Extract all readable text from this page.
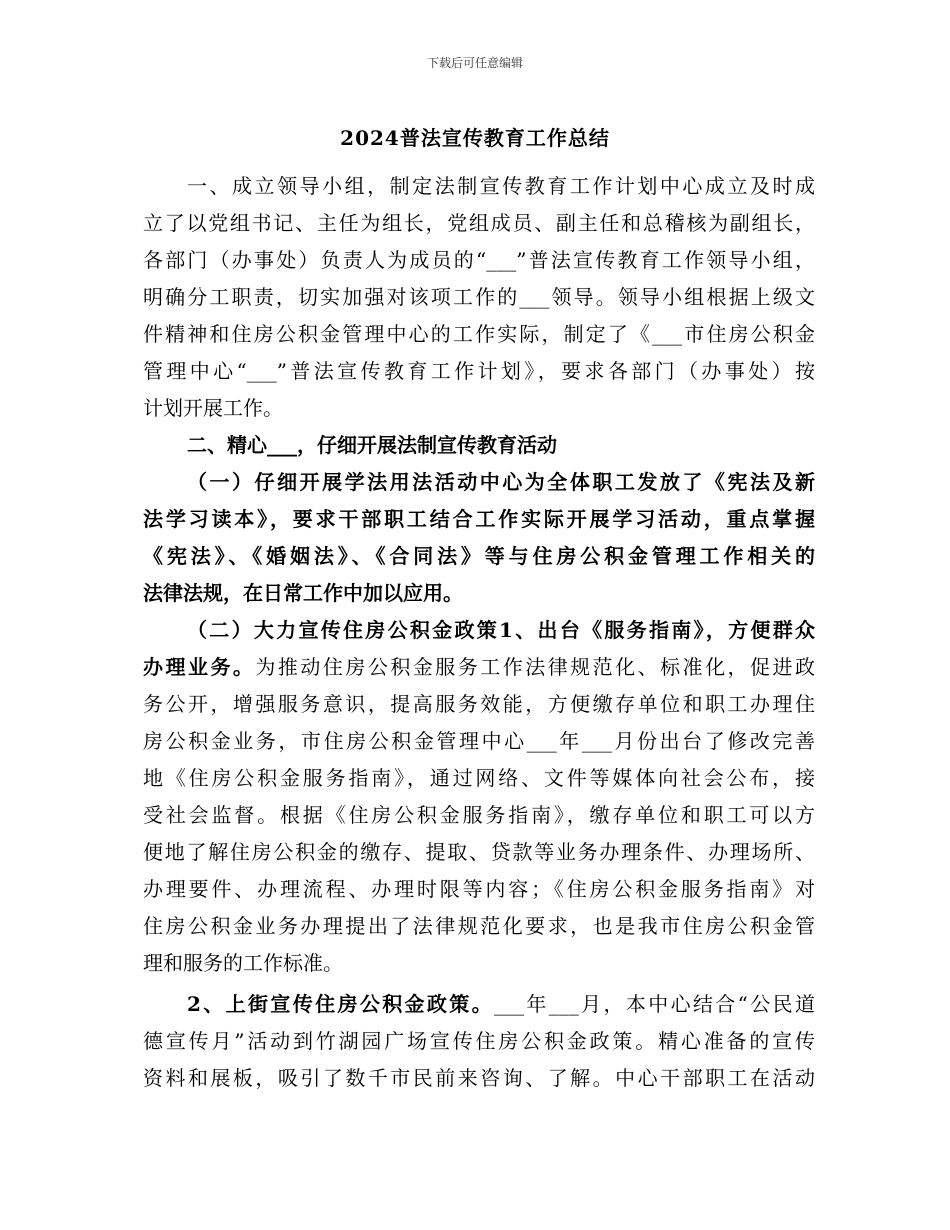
下载后可任意编辑
2024普法宣传教育工作总结
一、成立领导小组，制定法制宣传教育工作计划中心成立及时成
立了以党组书记、主任为组长，党组成员、副主任和总稽核为副组长，
各部门（办事处）负责人为成员的“___”普法宣传教育工作领导小组，
明确分工职责，切实加强对该项工作的___领导。领导小组根据上级文
件精神和住房公积金管理中心的工作实际，制定了《___市住房公积金
管理中心“___”普法宣传教育工作计划》，要求各部门（办事处）按
计划开展工作。
二、精心___，仔细开展法制宣传教育活动
（一）仔细开展学法用法活动中心为全体职工发放了《宪法及新
法学习读本》，要求干部职工结合工作实际开展学习活动，重点掌握
《宪法》、《婚姻法》、《合同法》等与住房公积金管理工作相关的
法律法规，在日常工作中加以应用。
（二）大力宣传住房公积金政策1、出台《服务指南》，方便群众
办理业务。为推动住房公积金服务工作法律规范化、标准化，促进政
务公开，增强服务意识，提高服务效能，方便缴存单位和职工办理住
房公积金业务，市住房公积金管理中心___年___月份出台了修改完善
地《住房公积金服务指南》，通过网络、文件等媒体向社会公布，接
受社会监督。根据《住房公积金服务指南》，缴存单位和职工可以方
便地了解住房公积金的缴存、提取、贷款等业务办理条件、办理场所、
办理要件、办理流程、办理时限等内容；《住房公积金服务指南》对
住房公积金业务办理提出了法律规范化要求，也是我市住房公积金管
理和服务的工作标准。
2、上街宣传住房公积金政策。___年___月，本中心结合“公民道
德宣传月”活动到竹湖园广场宣传住房公积金政策。精心准备的宣传
资料和展板，吸引了数千市民前来咨询、了解。中心干部职工在活动
